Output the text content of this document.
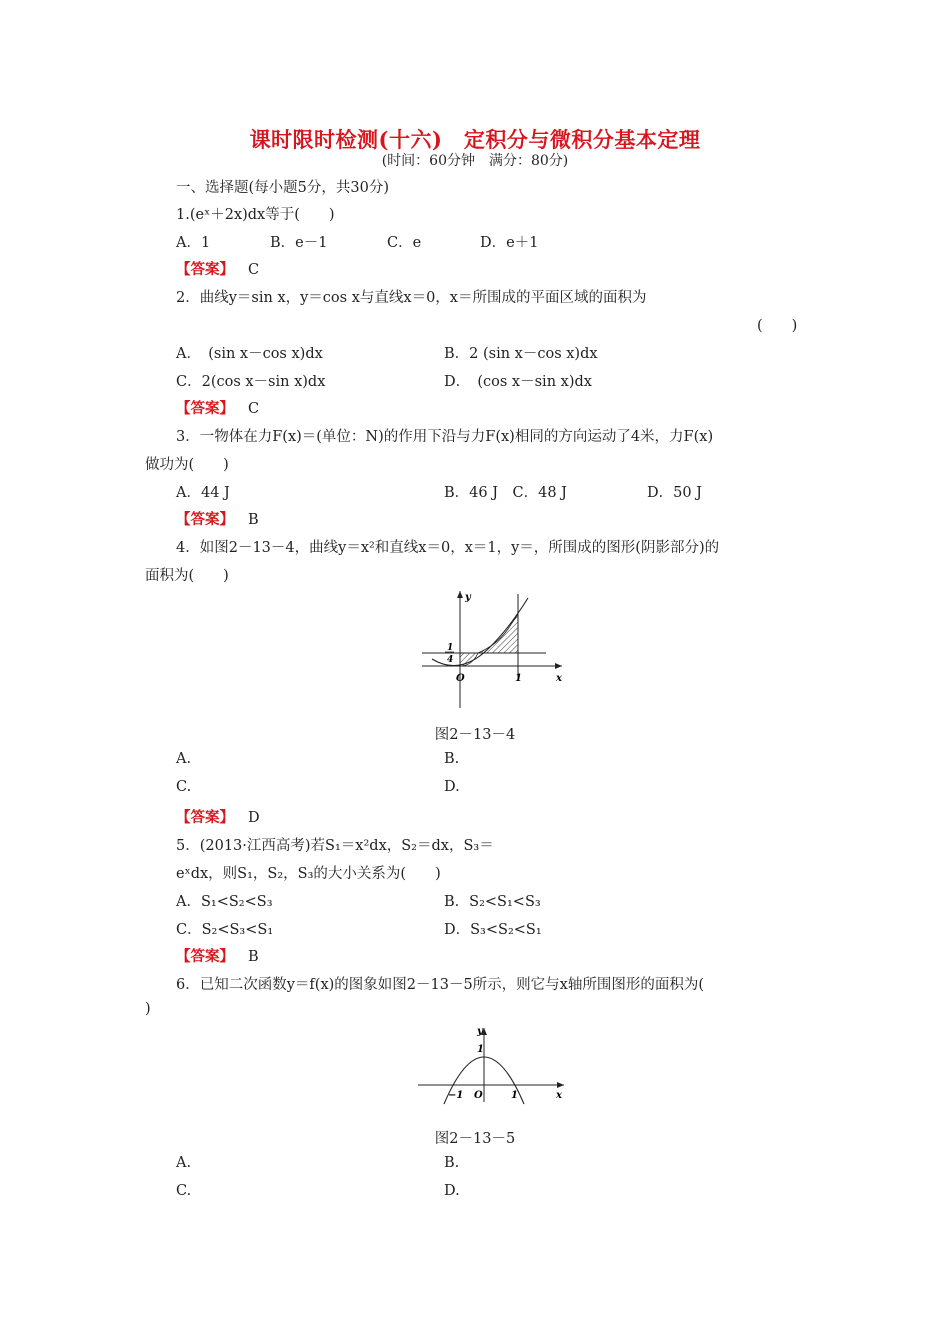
课时限时检测(十六)　定积分与微积分基本定理
(时间：60分钟　满分：80分)
一、选择题(每小题5分，共30分)
1.(eˣ＋2x)dx等于(　　)
A．1	B．e－1	C．e	D．e＋1
【答案】 C
2．曲线y＝sin x，y＝cos x与直线x＝0，x＝所围成的平面区域的面积为
(　　)
A．　(sin x－cos x)dx	B．2 (sin x－cos x)dx
C．2(cos x－sin x)dx	D．　(cos x－sin x)dx
【答案】 C
3．一物体在力F(x)＝(单位：N)的作用下沿与力F(x)相同的方向运动了4米，力F(x)
做功为(　　)
A．44 J	B．46 J　C．48 J	D．50 J
【答案】 B
4．如图2－13－4，曲线y＝x²和直线x＝0，x＝1，y＝，所围成的图形(阴影部分)的
面积为(　　)
y
x
O	1
1
4
图2－13－4
A.	B.
C.	D.
【答案】 D
5．(2013·江西高考)若S₁＝x²dx，S₂＝dx，S₃＝
eˣdx，则S₁，S₂，S₃的大小关系为(　　)
A．S₁<S₂<S₃	B．S₂<S₁<S₃
C．S₂<S₃<S₁	D．S₃<S₂<S₁
【答案】 B
6．已知二次函数y＝f(x)的图象如图2－13－5所示，则它与x轴所围图形的面积为(
)
y
x
O
−1	1
1
图2－13－5
A.	B.
C.	D.
